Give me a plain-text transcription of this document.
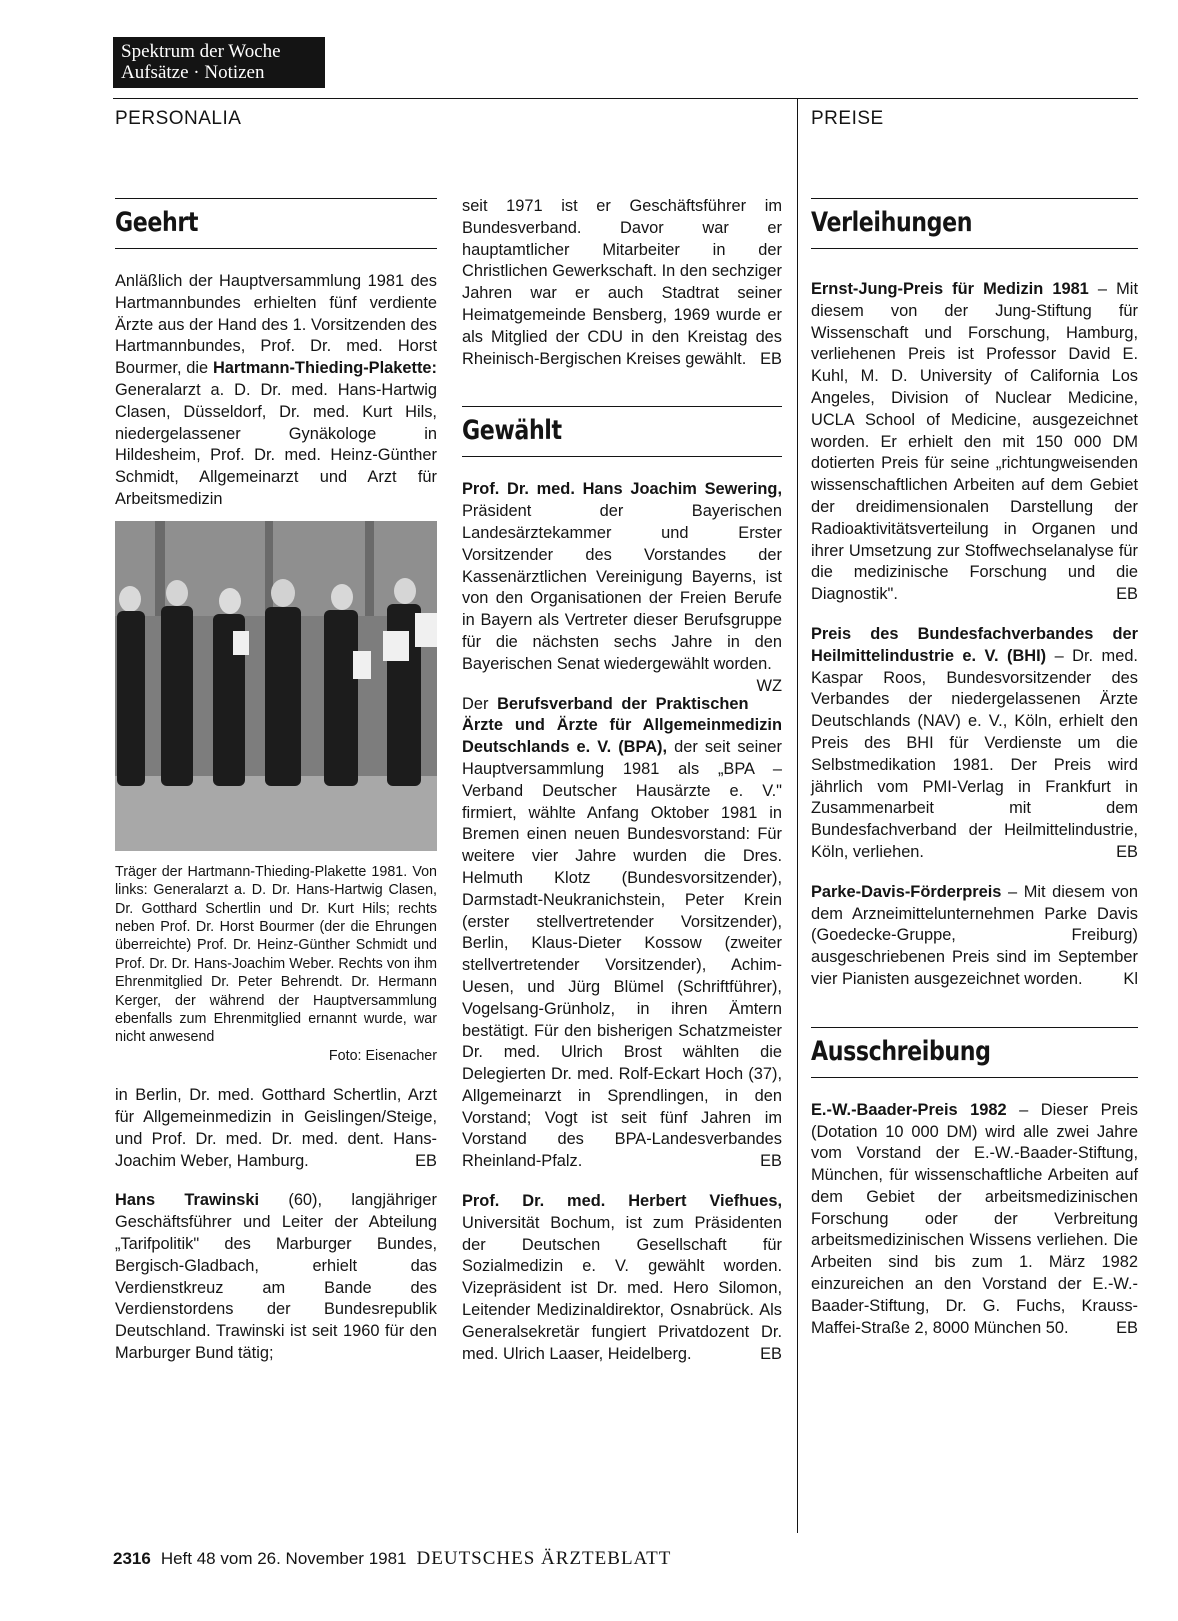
Spektrum der Woche
Aufsätze · Notizen
PERSONALIA	PREISE
Geehrt

Anläßlich der Hauptversammlung 1981 des Hartmannbundes erhielten fünf verdiente Ärzte aus der Hand des 1. Vorsitzenden des Hartmannbundes, Prof. Dr. med. Horst Bourmer, die Hartmann-Thieding-Plakette: Generalarzt a. D. Dr. med. Hans-Hartwig Clasen, Düsseldorf, Dr. med. Kurt Hils, niedergelassener Gynäkologe in Hildesheim, Prof. Dr. med. Heinz-Günther Schmidt, Allgemeinarzt und Arzt für Arbeitsmedizin

Träger der Hartmann-Thieding-Plakette 1981. Von links: Generalarzt a. D. Dr. Hans-Hartwig Clasen, Dr. Gotthard Schertlin und Dr. Kurt Hils; rechts neben Prof. Dr. Horst Bourmer (der die Ehrungen überreichte) Prof. Dr. Heinz-Günther Schmidt und Prof. Dr. Dr. Hans-Joachim Weber. Rechts von ihm Ehrenmitglied Dr. Peter Behrendt. Dr. Hermann Kerger, der während der Hauptversammlung ebenfalls zum Ehrenmitglied ernannt wurde, war nicht anwesend
Foto: Eisenacher

in Berlin, Dr. med. Gotthard Schertlin, Arzt für Allgemeinmedizin in Geislingen/Steige, und Prof. Dr. med. Dr. med. dent. Hans-Joachim Weber, Hamburg.	EB

Hans Trawinski (60), langjähriger Geschäftsführer und Leiter der Abteilung „Tarifpolitik" des Marburger Bundes, Bergisch-Gladbach, erhielt das Verdienstkreuz am Bande des Verdienstordens der Bundesrepublik Deutschland. Trawinski ist seit 1960 für den Marburger Bund tätig;

seit 1971 ist er Geschäftsführer im Bundesverband. Davor war er hauptamtlicher Mitarbeiter in der Christlichen Gewerkschaft. In den sechziger Jahren war er auch Stadtrat seiner Heimatgemeinde Bensberg, 1969 wurde er als Mitglied der CDU in den Kreistag des Rheinisch-Bergischen Kreises gewählt. EB

Gewählt

Prof. Dr. med. Hans Joachim Sewering, Präsident der Bayerischen Landesärztekammer und Erster Vorsitzender des Vorstandes der Kassenärztlichen Vereinigung Bayerns, ist von den Organisationen der Freien Berufe in Bayern als Vertreter dieser Berufsgruppe für die nächsten sechs Jahre in den Bayerischen Senat wiedergewählt worden.
WZ

Der Berufsverband der Praktischen Ärzte und Ärzte für Allgemeinmedizin Deutschlands e. V. (BPA), der seit seiner Hauptversammlung 1981 als „BPA – Verband Deutscher Hausärzte e. V." firmiert, wählte Anfang Oktober 1981 in Bremen einen neuen Bundesvorstand: Für weitere vier Jahre wurden die Dres. Helmuth Klotz (Bundesvorsitzender), Darmstadt-Neukranichstein, Peter Krein (erster stellvertretender Vorsitzender), Berlin, Klaus-Dieter Kossow (zweiter stellvertretender Vorsitzender), Achim-Uesen, und Jürg Blümel (Schriftführer), Vogelsang-Grünholz, in ihren Ämtern bestätigt. Für den bisherigen Schatzmeister Dr. med. Ulrich Brost wählten die Delegierten Dr. med. Rolf-Eckart Hoch (37), Allgemeinarzt in Sprendlingen, in den Vorstand; Vogt ist seit fünf Jahren im Vorstand des BPA-Landesverbandes Rheinland-Pfalz.	EB

Prof. Dr. med. Herbert Viefhues, Universität Bochum, ist zum Präsidenten der Deutschen Gesellschaft für Sozialmedizin e. V. gewählt worden. Vizepräsident ist Dr. med. Hero Silomon, Leitender Medizinaldirektor, Osnabrück. Als Generalsekretär fungiert Privatdozent Dr. med. Ulrich Laaser, Heidelberg.	EB

Verleihungen

Ernst-Jung-Preis für Medizin 1981 – Mit diesem von der Jung-Stiftung für Wissenschaft und Forschung, Hamburg, verliehenen Preis ist Professor David E. Kuhl, M. D. University of California Los Angeles, Division of Nuclear Medicine, UCLA School of Medicine, ausgezeichnet worden. Er erhielt den mit 150 000 DM dotierten Preis für seine „richtungweisenden wissenschaftlichen Arbeiten auf dem Gebiet der dreidimensionalen Darstellung der Radioaktivitätsverteilung in Organen und ihrer Umsetzung zur Stoffwechselanalyse für die medizinische Forschung und die Diagnostik".	EB

Preis des Bundesfachverbandes der Heilmittelindustrie e. V. (BHI) – Dr. med. Kaspar Roos, Bundesvorsitzender des Verbandes der niedergelassenen Ärzte Deutschlands (NAV) e. V., Köln, erhielt den Preis des BHI für Verdienste um die Selbstmedikation 1981. Der Preis wird jährlich vom PMI-Verlag in Frankfurt in Zusammenarbeit mit dem Bundesfachverband der Heilmittelindustrie, Köln, verliehen.	EB

Parke-Davis-Förderpreis – Mit diesem von dem Arzneimittelunternehmen Parke Davis (Goedecke-Gruppe, Freiburg) ausgeschriebenen Preis sind im September vier Pianisten ausgezeichnet worden. Kl

Ausschreibung

E.-W.-Baader-Preis 1982 – Dieser Preis (Dotation 10 000 DM) wird alle zwei Jahre vom Vorstand der E.-W.-Baader-Stiftung, München, für wissenschaftliche Arbeiten auf dem Gebiet der arbeitsmedizinischen Forschung oder der Verbreitung arbeitsmedizinischen Wissens verliehen. Die Arbeiten sind bis zum 1. März 1982 einzureichen an den Vorstand der E.-W.-Baader-Stiftung, Dr. G. Fuchs, Krauss-Maffei-Straße 2, 8000 München 50.	EB

2316 Heft 48 vom 26. November 1981 DEUTSCHES ÄRZTEBLATT
